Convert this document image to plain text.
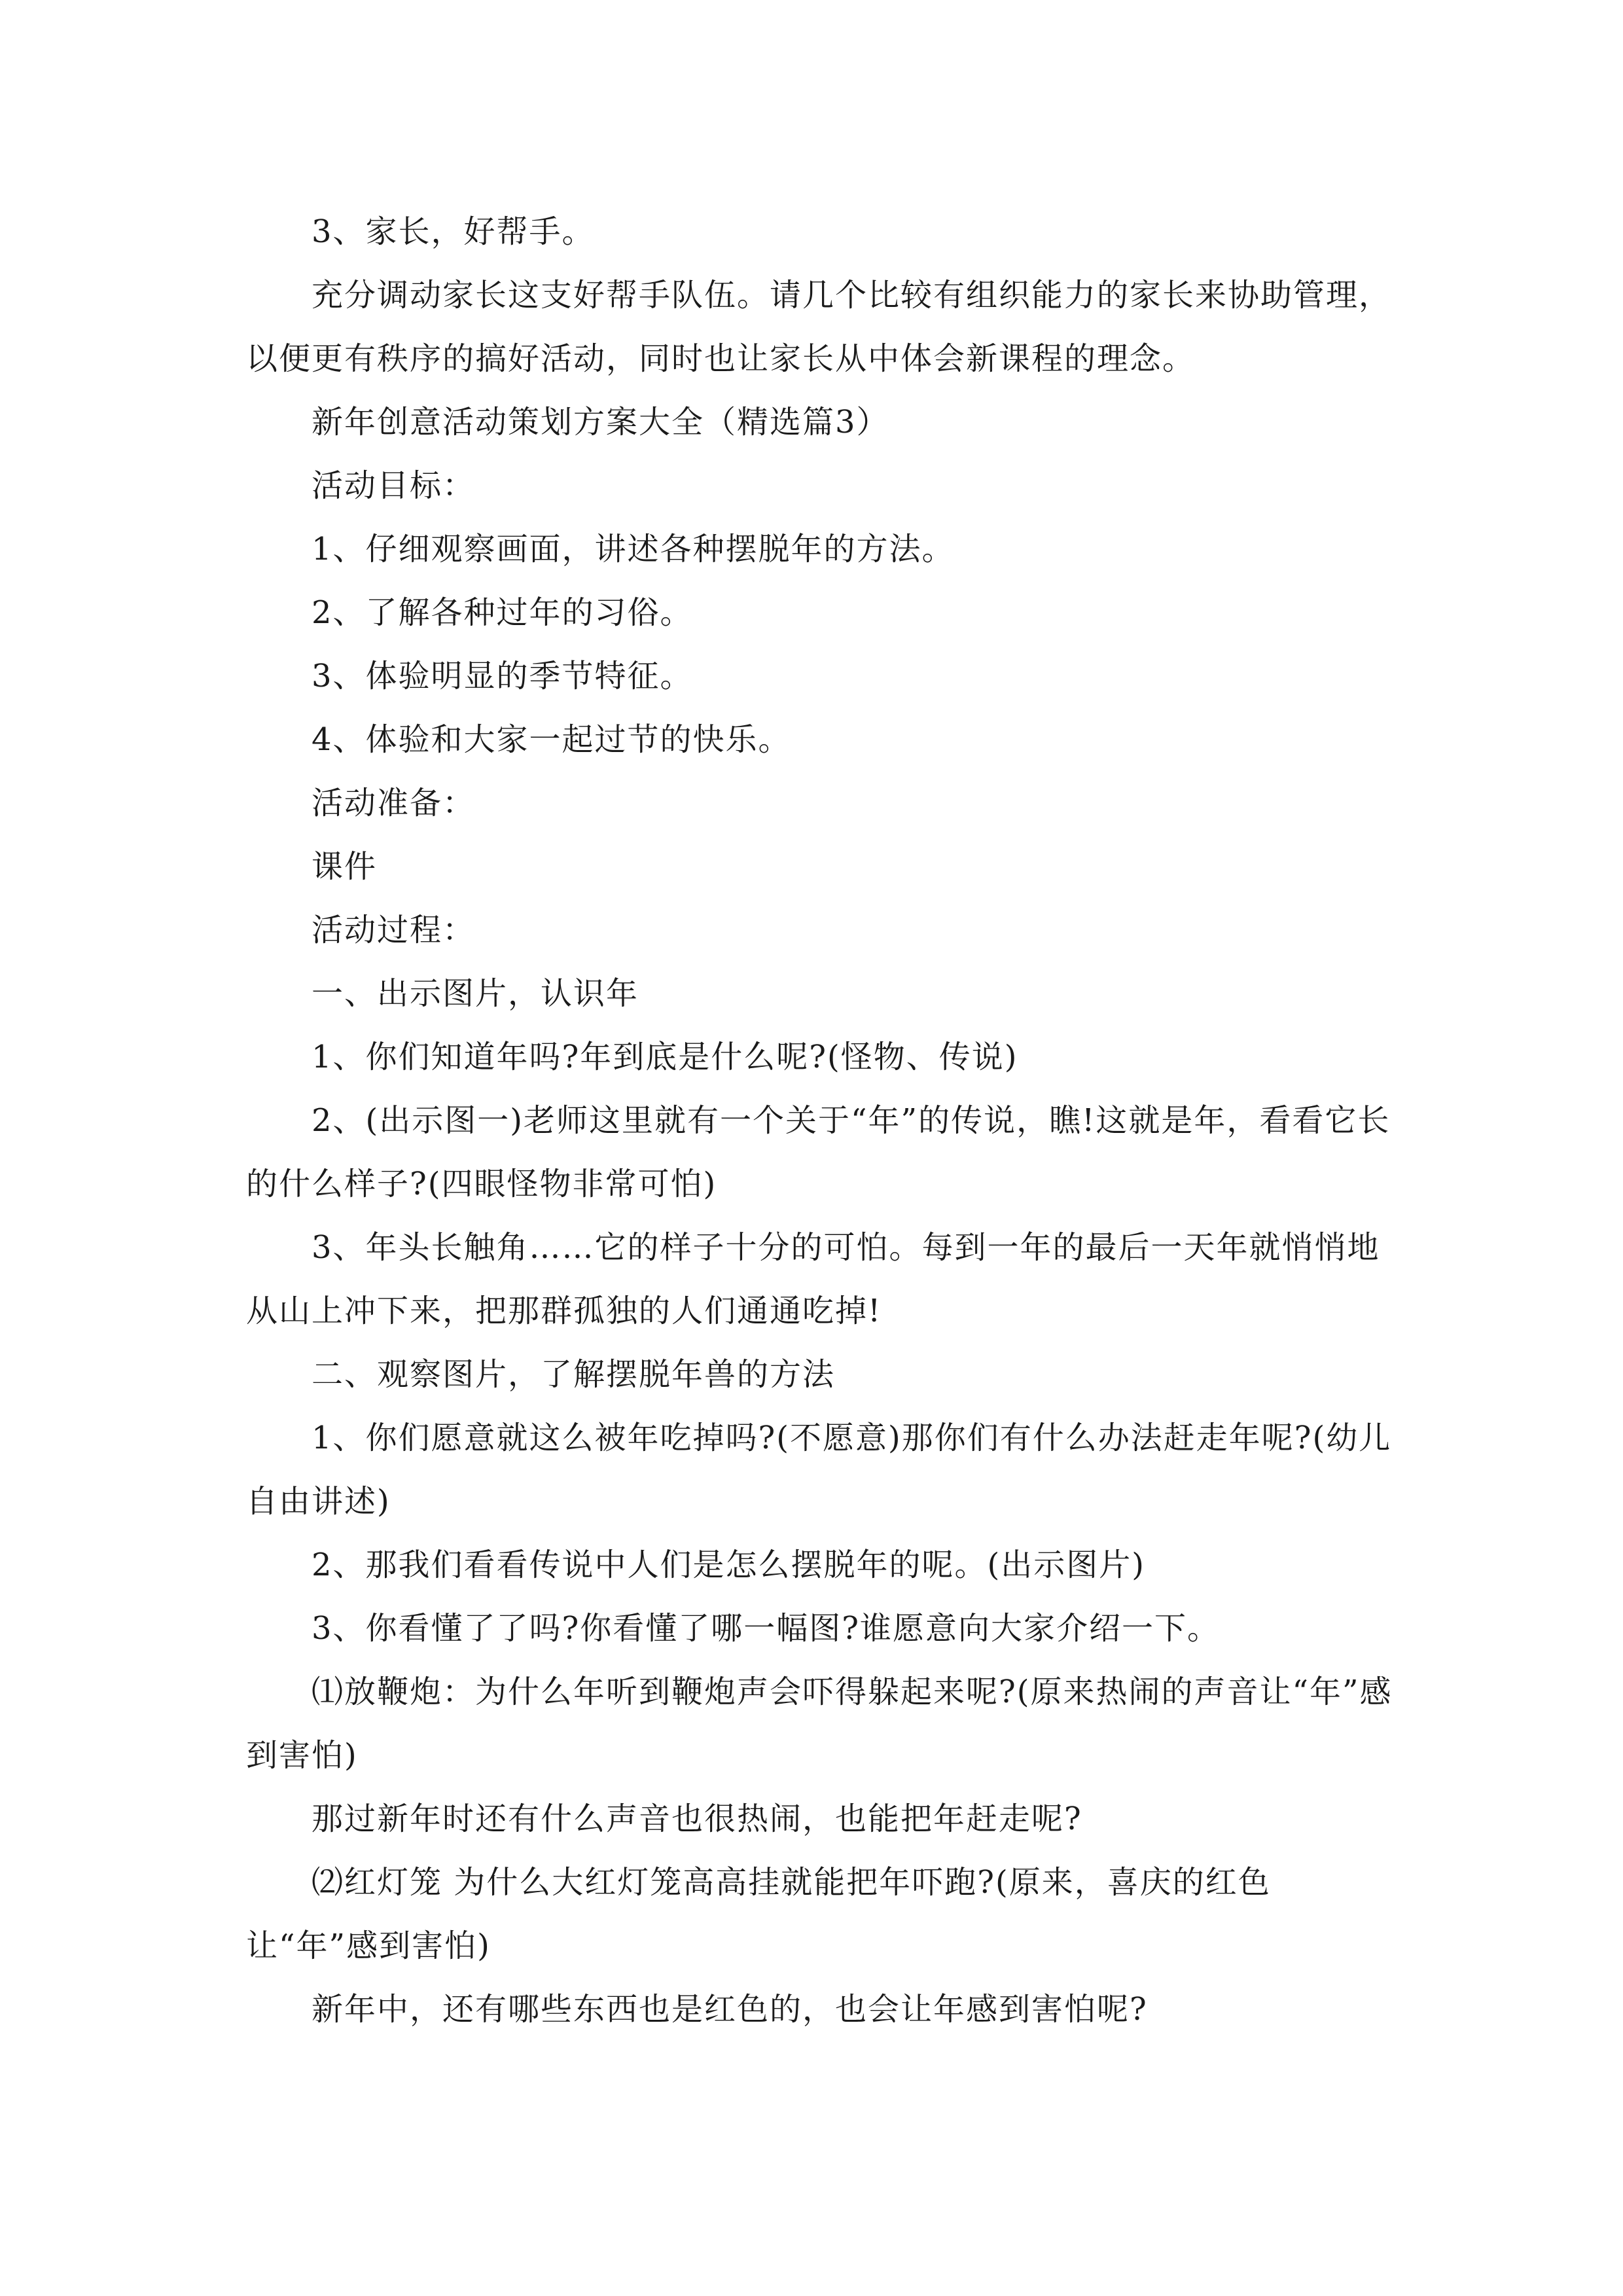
3、家长，好帮手。

充分调动家长这支好帮手队伍。请几个比较有组织能力的家长来协助管理，以便更有秩序的搞好活动，同时也让家长从中体会新课程的理念。

新年创意活动策划方案大全（精选篇3）

活动目标：

1、仔细观察画面，讲述各种摆脱年的方法。

2、了解各种过年的习俗。

3、体验明显的季节特征。

4、体验和大家一起过节的快乐。

活动准备：

课件

活动过程：

一、出示图片，认识年

1、你们知道年吗?年到底是什么呢?(怪物、传说)

2、(出示图一)老师这里就有一个关于“年”的传说，瞧!这就是年，看看它长的什么样子?(四眼怪物非常可怕)

3、年头长触角……它的样子十分的可怕。每到一年的最后一天年就悄悄地从山上冲下来，把那群孤独的人们通通吃掉!

二、观察图片，了解摆脱年兽的方法

1、你们愿意就这么被年吃掉吗?(不愿意)那你们有什么办法赶走年呢?(幼儿自由讲述)

2、那我们看看传说中人们是怎么摆脱年的呢。(出示图片)

3、你看懂了了吗?你看懂了哪一幅图?谁愿意向大家介绍一下。

⑴放鞭炮：为什么年听到鞭炮声会吓得躲起来呢?(原来热闹的声音让“年”感到害怕)

那过新年时还有什么声音也很热闹，也能把年赶走呢?

⑵红灯笼 为什么大红灯笼高高挂就能把年吓跑?(原来，喜庆的红色让“年”感到害怕)

新年中，还有哪些东西也是红色的，也会让年感到害怕呢?
